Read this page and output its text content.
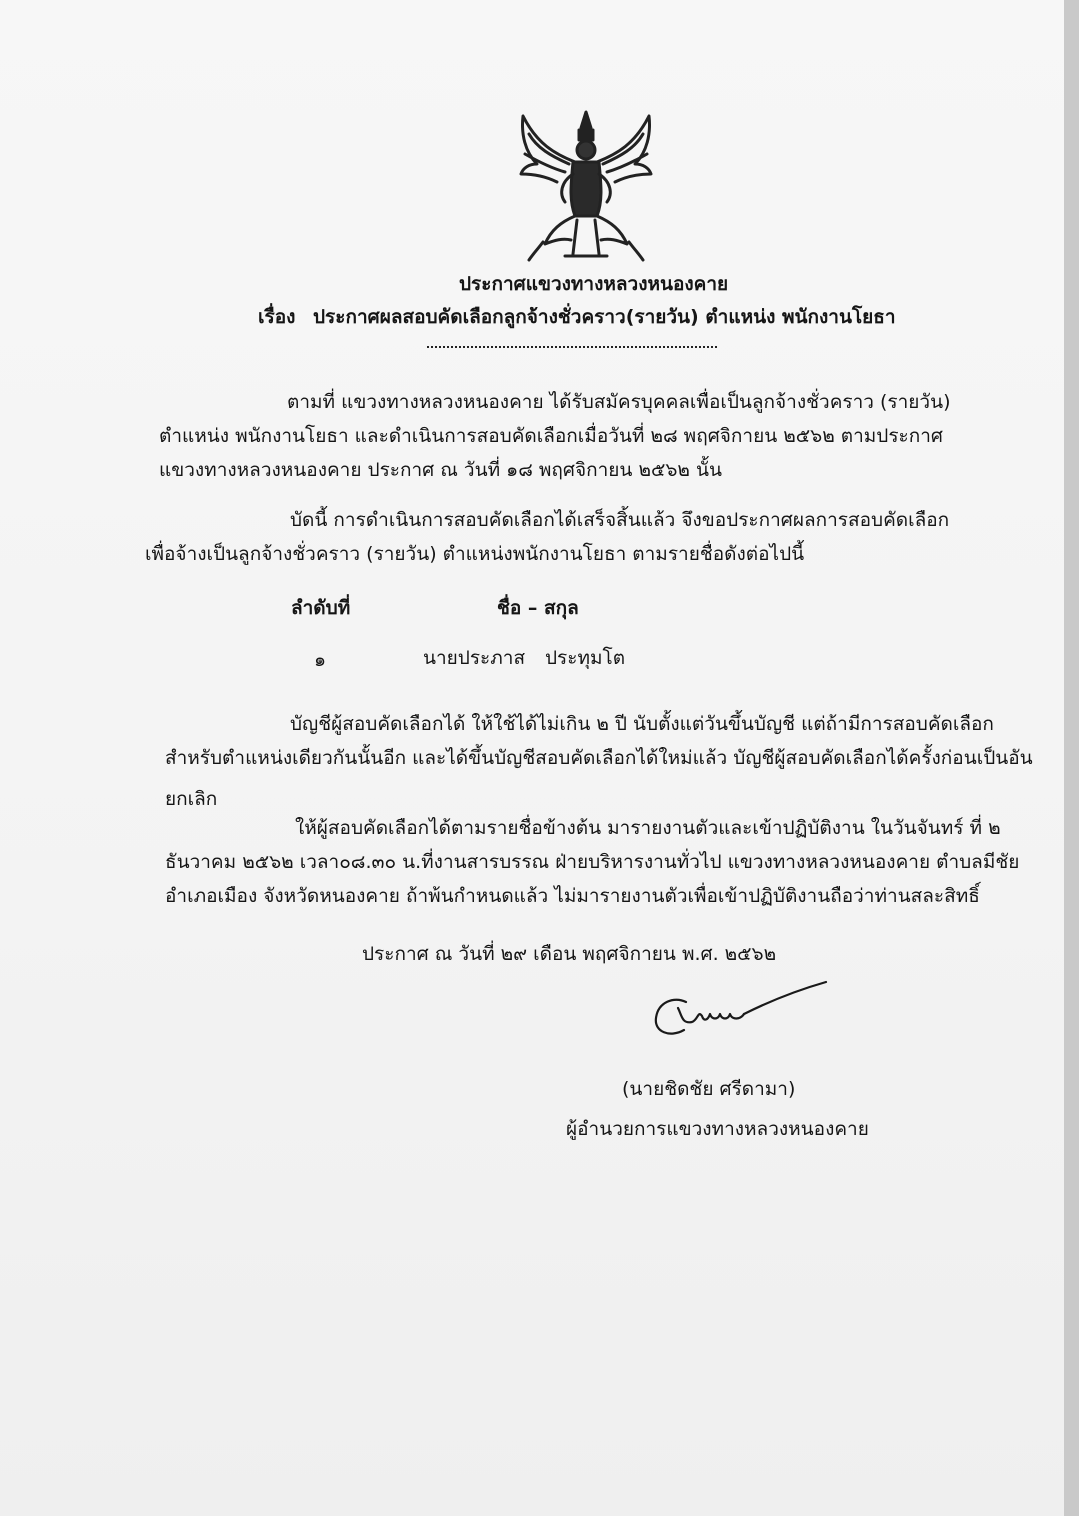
ประกาศแขวงทางหลวงหนองคาย
เรื่อง ประกาศผลสอบคัดเลือกลูกจ้างชั่วคราว(รายวัน) ตำแหน่ง พนักงานโยธา
ตามที่ แขวงทางหลวงหนองคาย ได้รับสมัครบุคคลเพื่อเป็นลูกจ้างชั่วคราว (รายวัน)
ตำแหน่ง พนักงานโยธา และดำเนินการสอบคัดเลือกเมื่อวันที่ ๒๘ พฤศจิกายน ๒๕๖๒ ตามประกาศ
แขวงทางหลวงหนองคาย ประกาศ ณ วันที่ ๑๘ พฤศจิกายน ๒๕๖๒ นั้น
บัดนี้ การดำเนินการสอบคัดเลือกได้เสร็จสิ้นแล้ว จึงขอประกาศผลการสอบคัดเลือก
เพื่อจ้างเป็นลูกจ้างชั่วคราว (รายวัน) ตำแหน่งพนักงานโยธา ตามรายชื่อดังต่อไปนี้
ลำดับที่	ชื่อ – สกุล
๑	นายประภาส ประทุมโต
บัญชีผู้สอบคัดเลือกได้ ให้ใช้ได้ไม่เกิน ๒ ปี นับตั้งแต่วันขึ้นบัญชี แต่ถ้ามีการสอบคัดเลือก
สำหรับตำแหน่งเดียวกันนั้นอีก และได้ขึ้นบัญชีสอบคัดเลือกได้ใหม่แล้ว บัญชีผู้สอบคัดเลือกได้ครั้งก่อนเป็นอัน
ยกเลิก
ให้ผู้สอบคัดเลือกได้ตามรายชื่อข้างต้น มารายงานตัวและเข้าปฏิบัติงาน ในวันจันทร์ ที่ ๒
ธันวาคม ๒๕๖๒ เวลา๐๘.๓๐ น.ที่งานสารบรรณ ฝ่ายบริหารงานทั่วไป แขวงทางหลวงหนองคาย ตำบลมีชัย
อำเภอเมือง จังหวัดหนองคาย ถ้าพ้นกำหนดแล้ว ไม่มารายงานตัวเพื่อเข้าปฏิบัติงานถือว่าท่านสละสิทธิ์
ประกาศ ณ วันที่ ๒๙ เดือน พฤศจิกายน พ.ศ. ๒๕๖๒
(นายชิดชัย ศรีดามา)
ผู้อำนวยการแขวงทางหลวงหนองคาย
